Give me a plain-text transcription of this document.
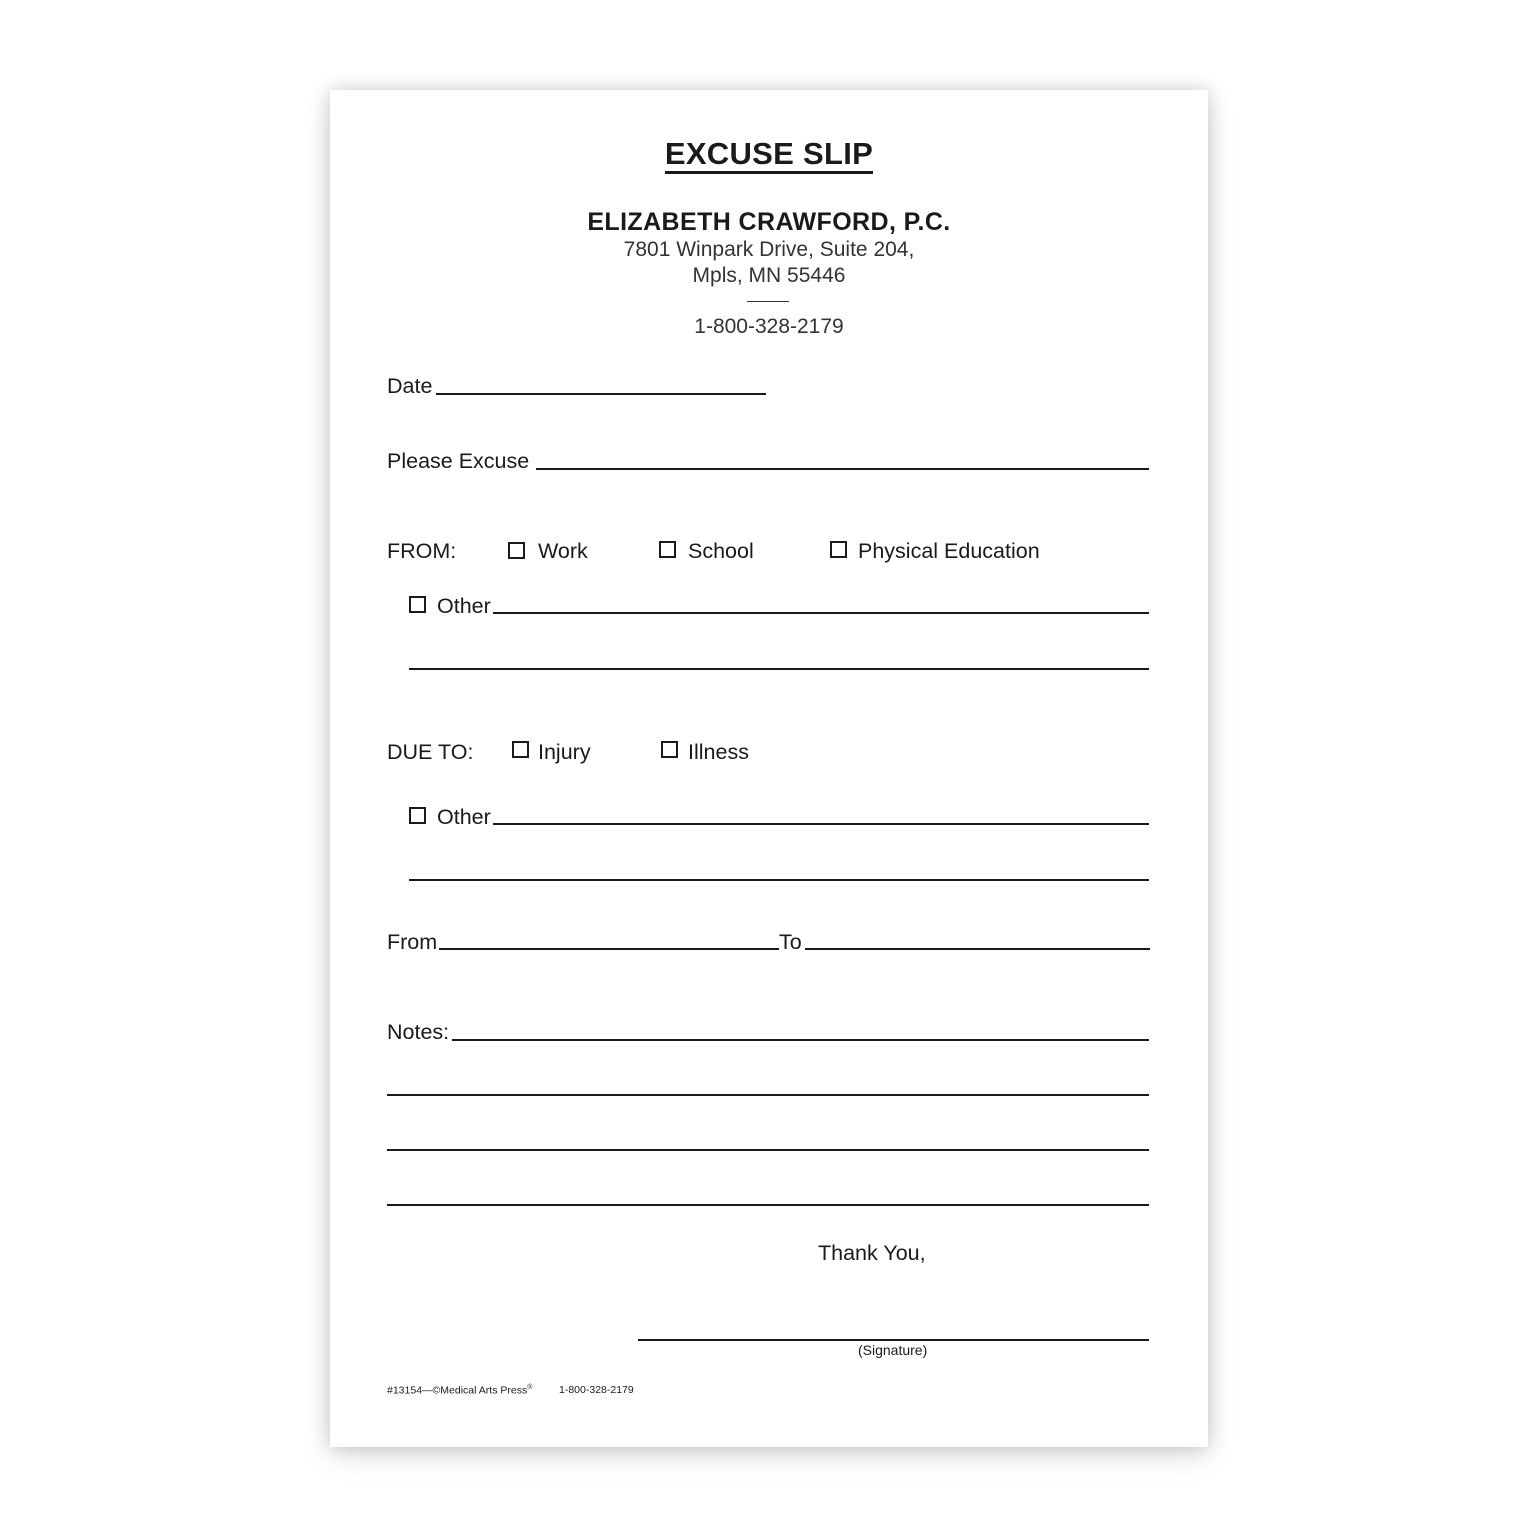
EXCUSE SLIP
ELIZABETH CRAWFORD, P.C.
7801 Winpark Drive, Suite 204,
Mpls, MN 55446
1-800-328-2179
Date
Please Excuse
FROM:	Work	School	Physical Education
Other
DUE TO:	Injury	Illness
Other
From	To
Notes:
Thank You,
(Signature)
#13154—©Medical Arts Press®	1-800-328-2179
